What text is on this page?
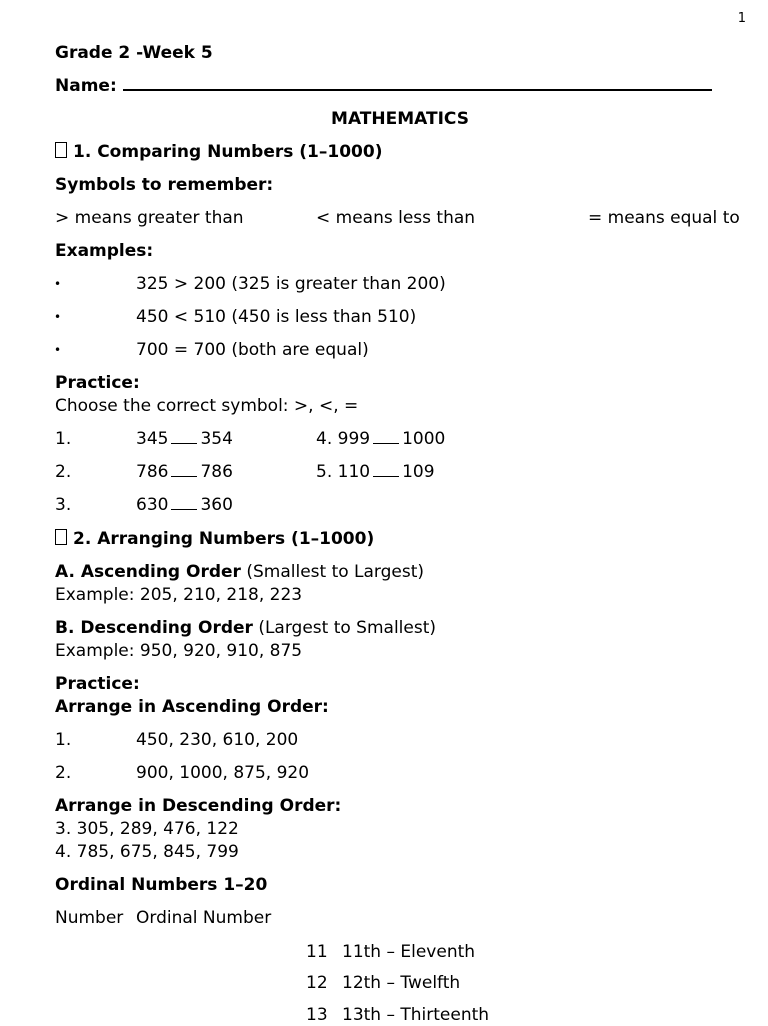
1
Grade 2 -Week 5
Name:
MATHEMATICS
1. Comparing Numbers (1–1000)
Symbols to remember:
> means greater than	< means less than	= means equal to
Examples:
•	325 > 200 (325 is greater than 200)
•	450 < 510 (450 is less than 510)
•	700 = 700 (both are equal)
Practice:
Choose the correct symbol: >, <, =
1.	345 354	4. 999 1000
2.	786 786	5. 110 109
3.	630 360
2. Arranging Numbers (1–1000)
A. Ascending Order (Smallest to Largest)
Example: 205, 210, 218, 223
B. Descending Order (Largest to Smallest)
Example: 950, 920, 910, 875
Practice:
Arrange in Ascending Order:
1.	450, 230, 610, 200
2.	900, 1000, 875, 920
Arrange in Descending Order:
3. 305, 289, 476, 122
4. 785, 675, 845, 799
Ordinal Numbers 1–20
Number Ordinal Number
11 11th – Eleventh
12 12th – Twelfth
13 13th – Thirteenth
